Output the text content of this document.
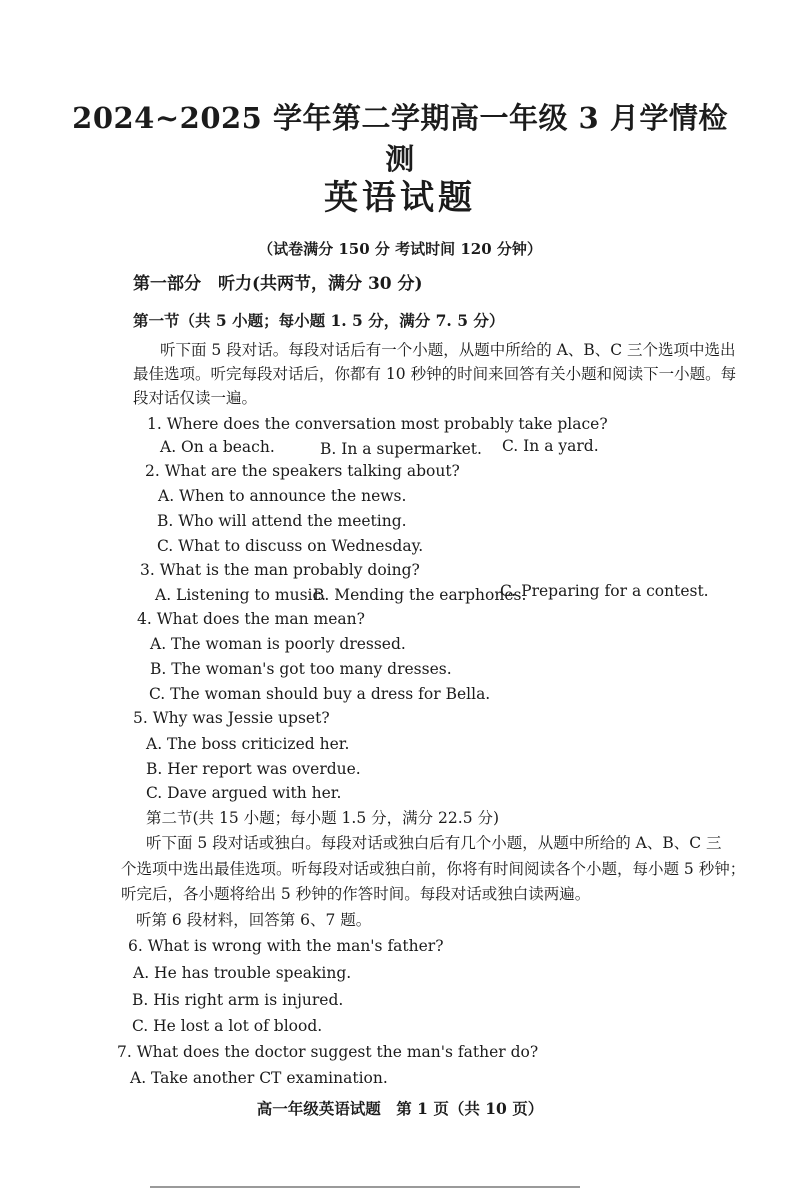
2024~2025 学年第二学期高一年级 3 月学情检测
英语试题
（试卷满分 150 分 考试时间 120 分钟）
第一部分　听力(共两节，满分 30 分)
第一节（共 5 小题；每小题 1. 5 分，满分 7. 5 分）
听下面 5 段对话。每段对话后有一个小题，从题中所给的 A、B、C 三个选项中选出
最佳选项。听完每段对话后，你都有 10 秒钟的时间来回答有关小题和阅读下一小题。每
段对话仅读一遍。
1. Where does the conversation most probably take place?
A. On a beach.	B. In a supermarket. C. In a yard.
2. What are the speakers talking about?
A. When to announce the news.
B. Who will attend the meeting.
C. What to discuss on Wednesday.
3. What is the man probably doing?
A. Listening to music.
B. Mending the earphones.
C. Preparing for a contest.
4. What does the man mean?
A. The woman is poorly dressed.
B. The woman's got too many dresses.
C. The woman should buy a dress for Bella.
5. Why was Jessie upset?
A. The boss criticized her.
B. Her report was overdue.
C. Dave argued with her.
第二节(共 15 小题；每小题 1.5 分，满分 22.5 分)
听下面 5 段对话或独白。每段对话或独白后有几个小题，从题中所给的 A、B、C 三
个选项中选出最佳选项。听每段对话或独白前，你将有时间阅读各个小题，每小题 5 秒钟；
听完后，各小题将给出 5 秒钟的作答时间。每段对话或独白读两遍。
听第 6 段材料，回答第 6、7 题。
6. What is wrong with the man's father?
A. He has trouble speaking.
B. His right arm is injured.
C. He lost a lot of blood.
7. What does the doctor suggest the man's father do?
A. Take another CT examination.
高一年级英语试题　第 1 页（共 10 页）
